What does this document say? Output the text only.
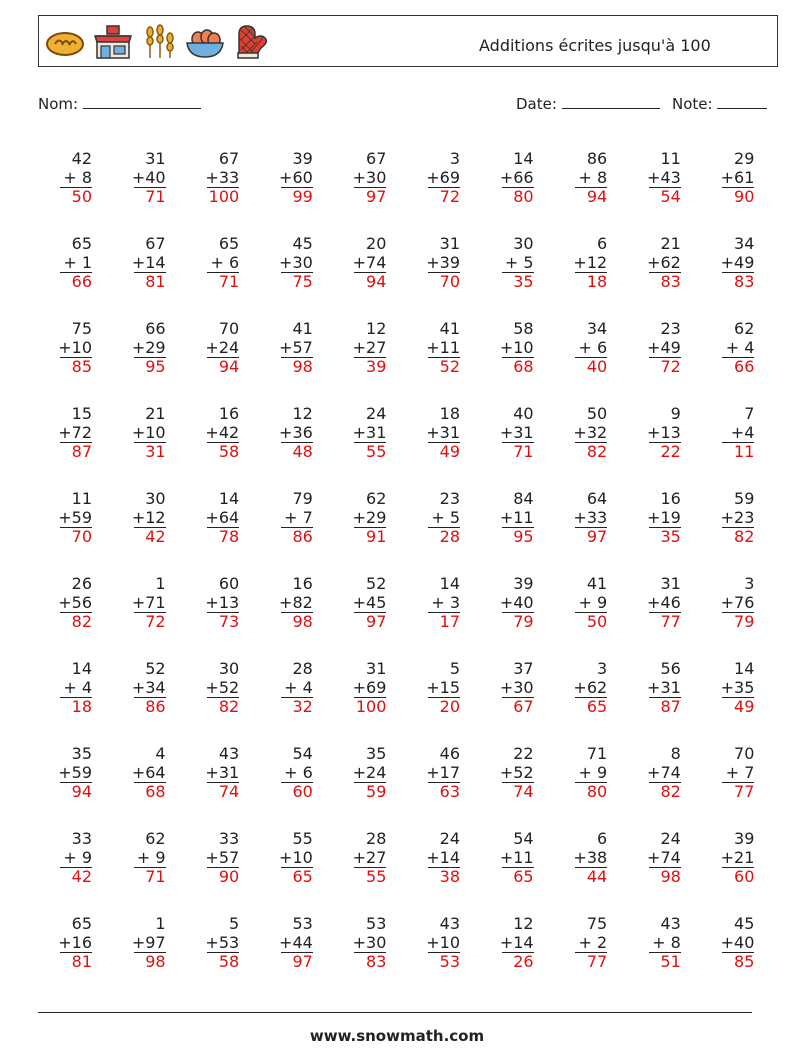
Additions écrites jusqu'à 100
Nom:	Date:	Note:
42
+ 8
50
31
+40
71
67
+33
100
39
+60
99
67
+30
97
3
+69
72
14
+66
80
86
+ 8
94
11
+43
54
29
+61
90
65
+ 1
66
67
+14
81
65
+ 6
71
45
+30
75
20
+74
94
31
+39
70
30
+ 5
35
6
+12
18
21
+62
83
34
+49
83
75
+10
85
66
+29
95
70
+24
94
41
+57
98
12
+27
39
41
+11
52
58
+10
68
34
+ 6
40
23
+49
72
62
+ 4
66
15
+72
87
21
+10
31
16
+42
58
12
+36
48
24
+31
55
18
+31
49
40
+31
71
50
+32
82
9
+13
22
7
+4
11
11
+59
70
30
+12
42
14
+64
78
79
+ 7
86
62
+29
91
23
+ 5
28
84
+11
95
64
+33
97
16
+19
35
59
+23
82
26
+56
82
1
+71
72
60
+13
73
16
+82
98
52
+45
97
14
+ 3
17
39
+40
79
41
+ 9
50
31
+46
77
3
+76
79
14
+ 4
18
52
+34
86
30
+52
82
28
+ 4
32
31
+69
100
5
+15
20
37
+30
67
3
+62
65
56
+31
87
14
+35
49
35
+59
94
4
+64
68
43
+31
74
54
+ 6
60
35
+24
59
46
+17
63
22
+52
74
71
+ 9
80
8
+74
82
70
+ 7
77
33
+ 9
42
62
+ 9
71
33
+57
90
55
+10
65
28
+27
55
24
+14
38
54
+11
65
6
+38
44
24
+74
98
39
+21
60
65
+16
81
1
+97
98
5
+53
58
53
+44
97
53
+30
83
43
+10
53
12
+14
26
75
+ 2
77
43
+ 8
51
45
+40
85
www.snowmath.com
